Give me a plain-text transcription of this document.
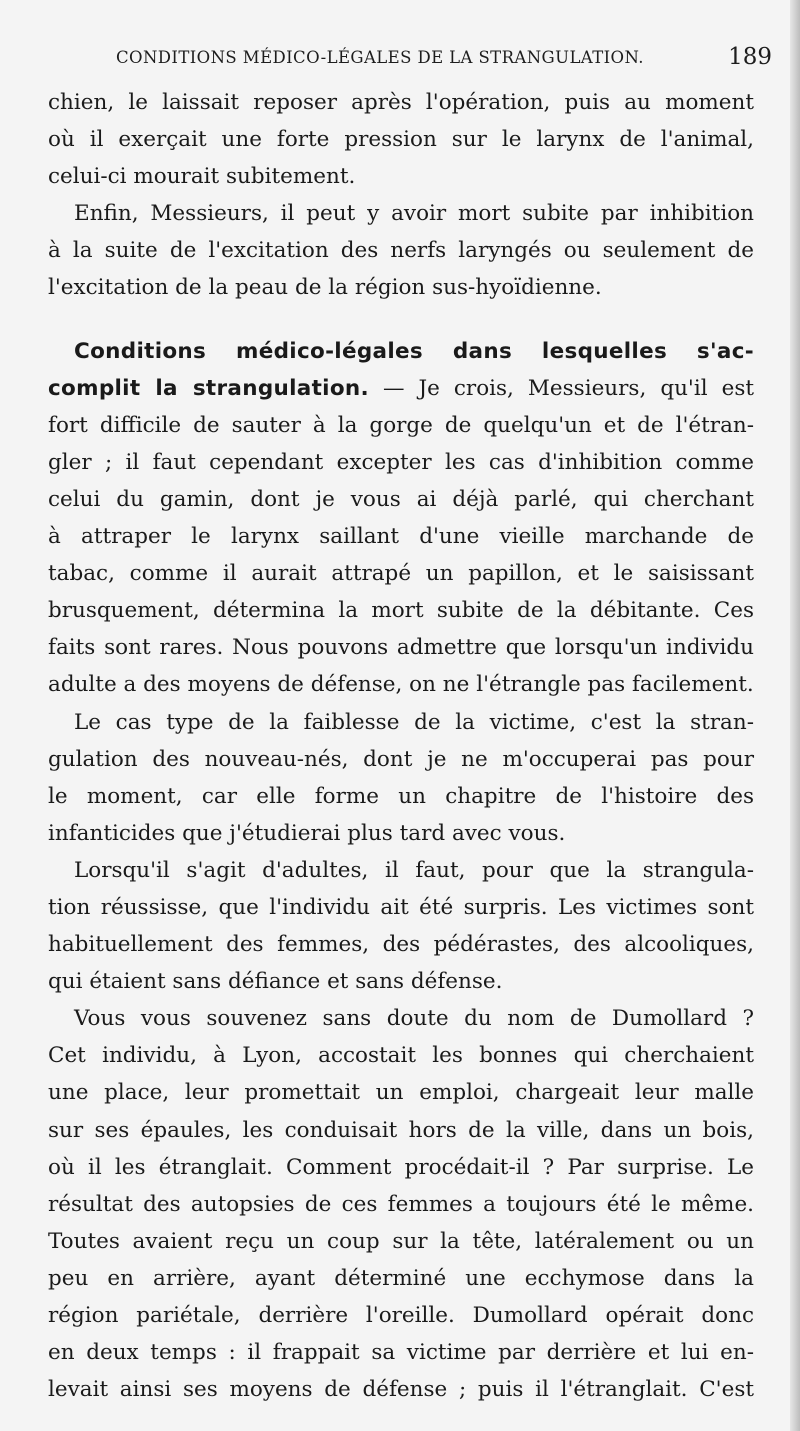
CONDITIONS MÉDICO-LÉGALES DE LA STRANGULATION.	189
chien, le laissait reposer après l'opération, puis au moment
où il exerçait une forte pression sur le larynx de l'animal,
celui-ci mourait subitement.
Enfin, Messieurs, il peut y avoir mort subite par inhibition
à la suite de l'excitation des nerfs laryngés ou seulement de
l'excitation de la peau de la région sus-hyoïdienne.
Conditions médico-légales dans lesquelles s'ac-
complit la strangulation. — Je crois, Messieurs, qu'il est
fort difficile de sauter à la gorge de quelqu'un et de l'étran-
gler ; il faut cependant excepter les cas d'inhibition comme
celui du gamin, dont je vous ai déjà parlé, qui cherchant
à attraper le larynx saillant d'une vieille marchande de
tabac, comme il aurait attrapé un papillon, et le saisissant
brusquement, détermina la mort subite de la débitante. Ces
faits sont rares. Nous pouvons admettre que lorsqu'un individu
adulte a des moyens de défense, on ne l'étrangle pas facilement.
Le cas type de la faiblesse de la victime, c'est la stran-
gulation des nouveau-nés, dont je ne m'occuperai pas pour
le moment, car elle forme un chapitre de l'histoire des
infanticides que j'étudierai plus tard avec vous.
Lorsqu'il s'agit d'adultes, il faut, pour que la strangula-
tion réussisse, que l'individu ait été surpris. Les victimes sont
habituellement des femmes, des pédérastes, des alcooliques,
qui étaient sans défiance et sans défense.
Vous vous souvenez sans doute du nom de Dumollard ?
Cet individu, à Lyon, accostait les bonnes qui cherchaient
une place, leur promettait un emploi, chargeait leur malle
sur ses épaules, les conduisait hors de la ville, dans un bois,
où il les étranglait. Comment procédait-il ? Par surprise. Le
résultat des autopsies de ces femmes a toujours été le même.
Toutes avaient reçu un coup sur la tête, latéralement ou un
peu en arrière, ayant déterminé une ecchymose dans la
région pariétale, derrière l'oreille. Dumollard opérait donc
en deux temps : il frappait sa victime par derrière et lui en-
levait ainsi ses moyens de défense ; puis il l'étranglait. C'est
